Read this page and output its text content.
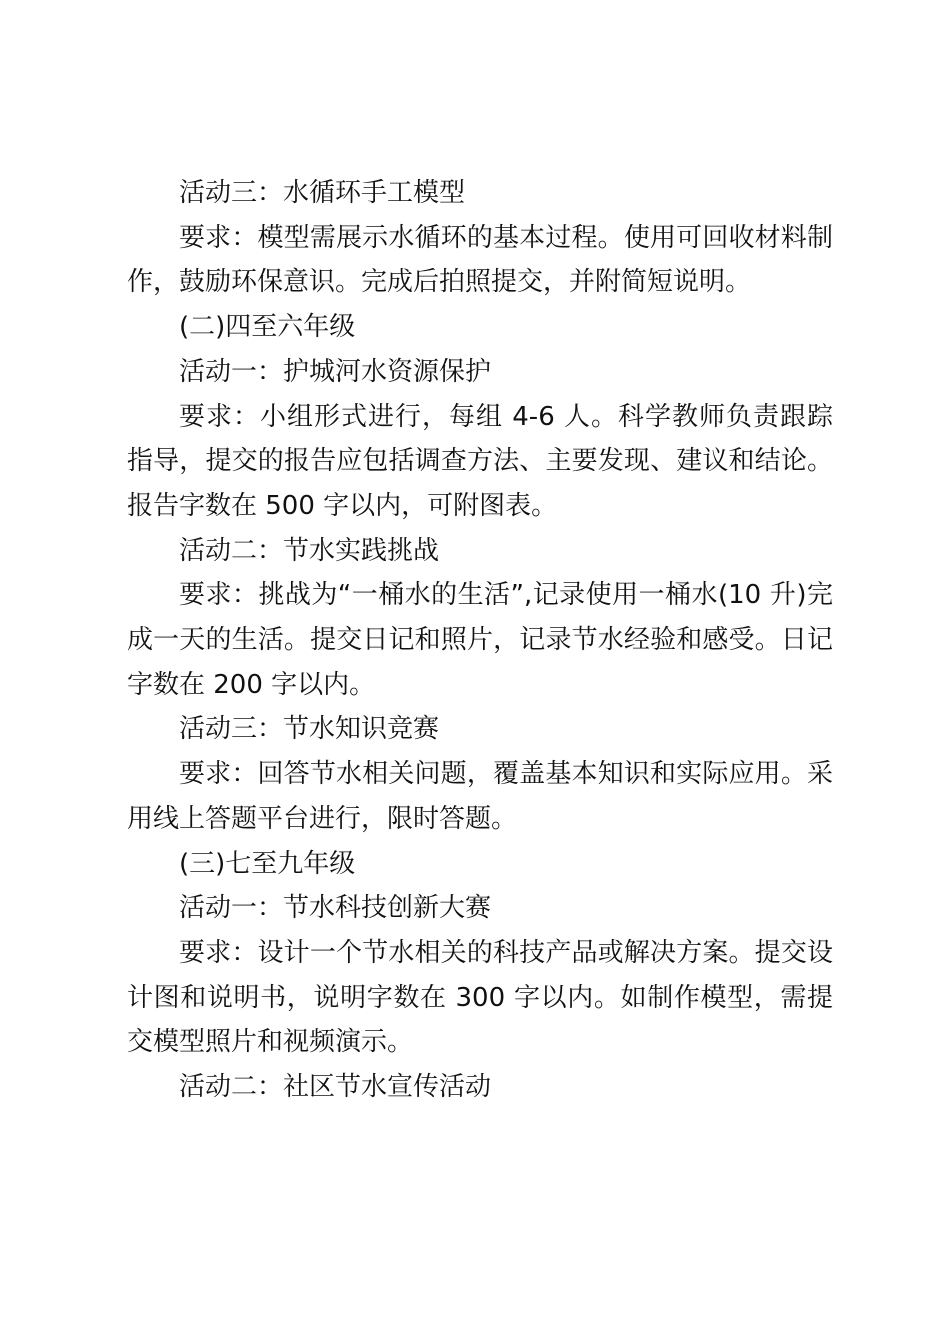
活动三：水循环手工模型

要求：模型需展示水循环的基本过程。使用可回收材料制作，鼓励环保意识。完成后拍照提交，并附简短说明。

(二)四至六年级

活动一：护城河水资源保护

要求：小组形式进行，每组 4-6 人。科学教师负责跟踪指导，提交的报告应包括调查方法、主要发现、建议和结论。报告字数在 500 字以内，可附图表。

活动二：节水实践挑战

要求：挑战为“一桶水的生活”,记录使用一桶水(10 升)完成一天的生活。提交日记和照片，记录节水经验和感受。日记字数在 200 字以内。

活动三：节水知识竞赛

要求：回答节水相关问题，覆盖基本知识和实际应用。采用线上答题平台进行，限时答题。

(三)七至九年级

活动一：节水科技创新大赛

要求：设计一个节水相关的科技产品或解决方案。提交设计图和说明书，说明字数在 300 字以内。如制作模型，需提交模型照片和视频演示。

活动二：社区节水宣传活动
